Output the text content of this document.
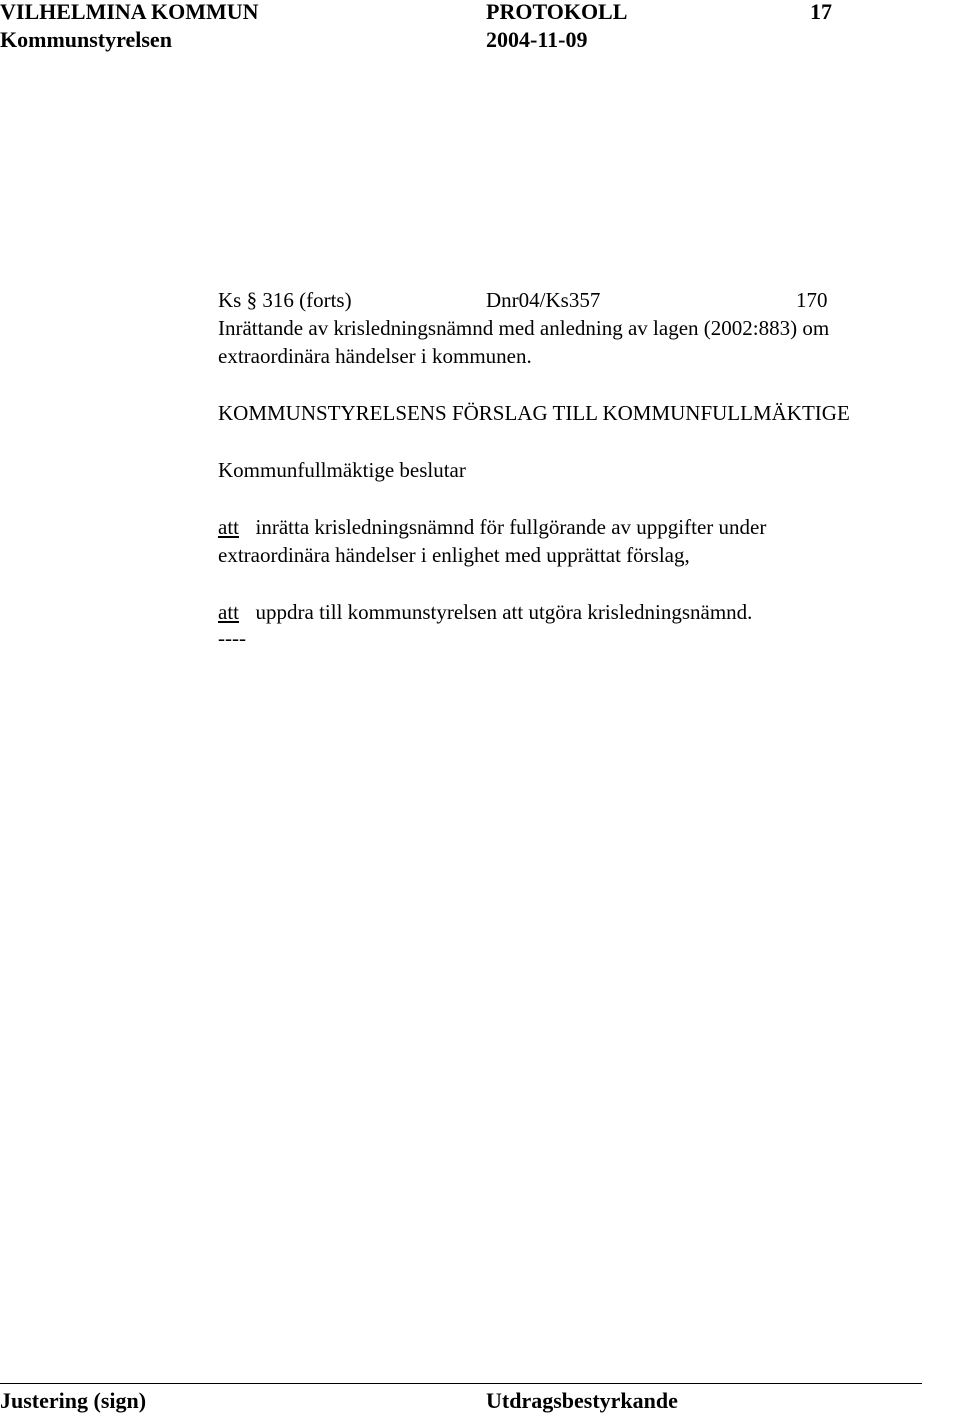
VILHELMINA KOMMUN	PROTOKOLL	17
Kommunstyrelsen	2004-11-09
Ks § 316 (forts)	Dnr04/Ks357	170
Inrättande av krisledningsnämnd med anledning av lagen (2002:883) om
extraordinära händelser i kommunen.
KOMMUNSTYRELSENS FÖRSLAG TILL KOMMUNFULLMÄKTIGE
Kommunfullmäktige beslutar
att inrätta krisledningsnämnd för fullgörande av uppgifter under
extraordinära händelser i enlighet med upprättat förslag,
att uppdra till kommunstyrelsen att utgöra krisledningsnämnd.
----
Justering (sign)	Utdragsbestyrkande
